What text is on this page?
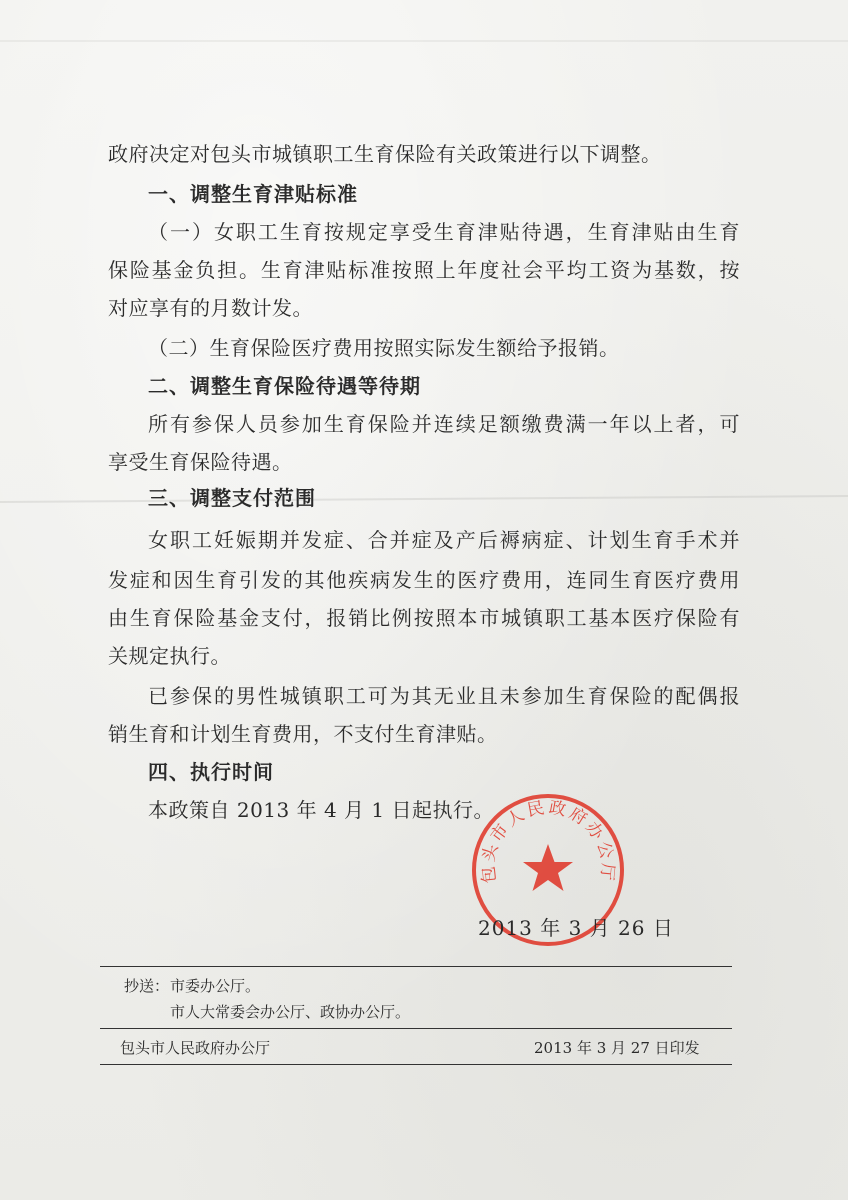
政府决定对包头市城镇职工生育保险有关政策进行以下调整。
一、调整生育津贴标准
（一）女职工生育按规定享受生育津贴待遇，生育津贴由生育
保险基金负担。生育津贴标准按照上年度社会平均工资为基数，按
对应享有的月数计发。
（二）生育保险医疗费用按照实际发生额给予报销。
二、调整生育保险待遇等待期
所有参保人员参加生育保险并连续足额缴费满一年以上者，可
享受生育保险待遇。
三、调整支付范围
女职工妊娠期并发症、合并症及产后褥病症、计划生育手术并
发症和因生育引发的其他疾病发生的医疗费用，连同生育医疗费用
由生育保险基金支付，报销比例按照本市城镇职工基本医疗保险有
关规定执行。
已参保的男性城镇职工可为其无业且未参加生育保险的配偶报
销生育和计划生育费用，不支付生育津贴。
四、执行时间
本政策自 2013 年 4 月 1 日起执行。
包头市人民政府办公厅
2013 年 3 月 26 日
抄送： 市委办公厅。
市人大常委会办公厅、政协办公厅。
包头市人民政府办公厅	2013 年 3 月 27 日印发
